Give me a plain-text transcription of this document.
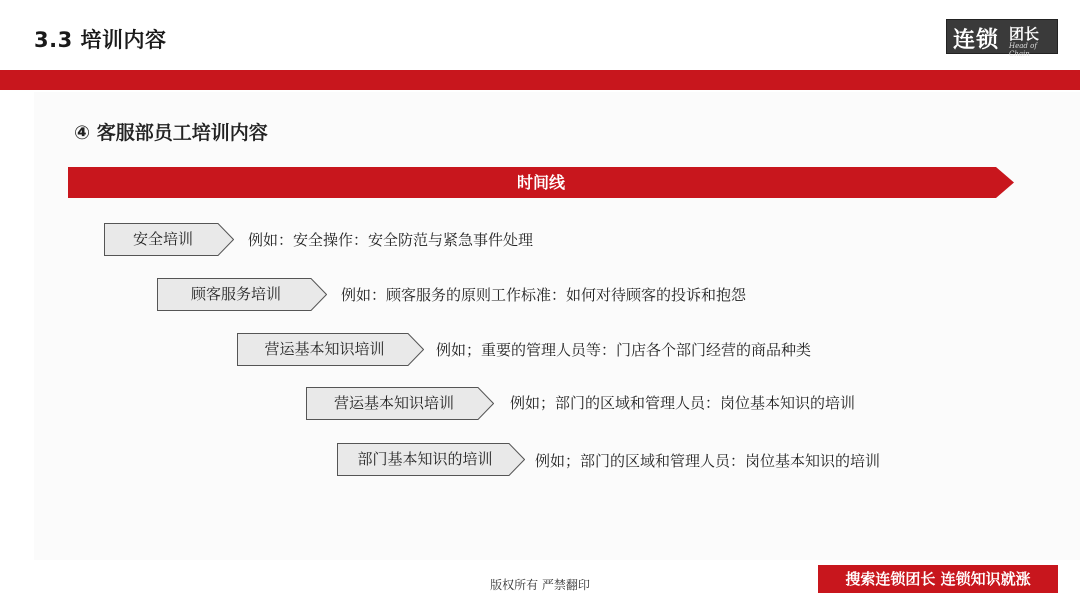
3.3 培训内容	连锁 团长
Head of Chain
④ 客服部员工培训内容
时间线
安全培训	例如：安全操作：安全防范与紧急事件处理
顾客服务培训	例如：顾客服务的原则工作标准：如何对待顾客的投诉和抱怨
营运基本知识培训	例如；重要的管理人员等：门店各个部门经营的商品种类
营运基本知识培训	例如；部门的区域和管理人员：岗位基本知识的培训
部门基本知识的培训	例如；部门的区域和管理人员：岗位基本知识的培训
版权所有 严禁翻印	搜索连锁团长 连锁知识就涨
